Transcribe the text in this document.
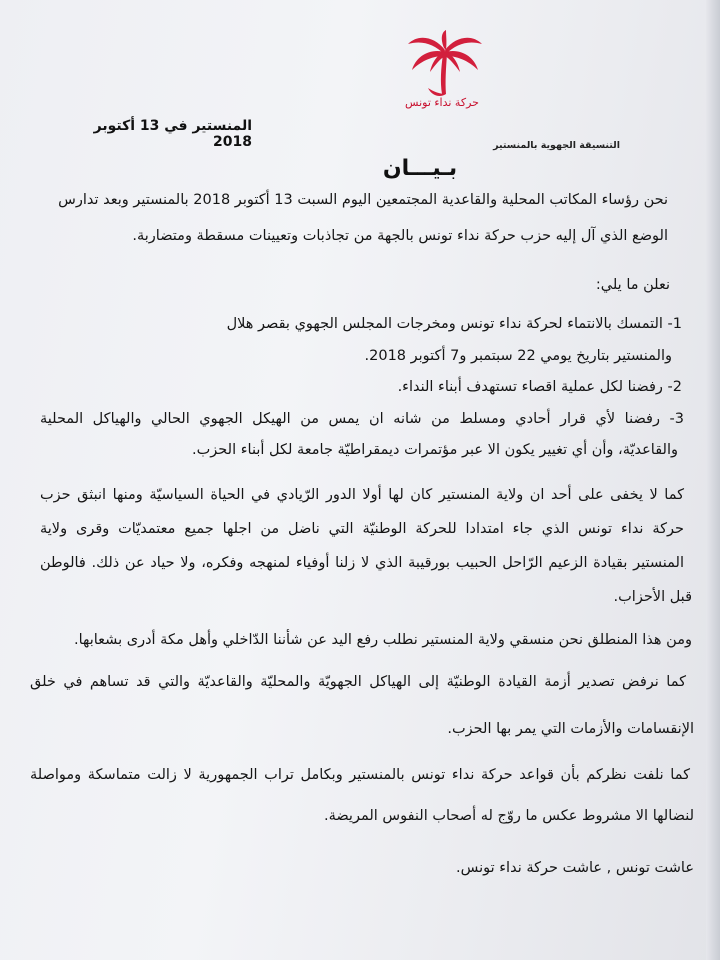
حركة نداء تونس
المنستير في 13 أكتوبر 2018	التنسيقة الجهوية بالمنستير
بـيـــان
نحن رؤساء المكاتب المحلية والقاعدية المجتمعين اليوم السبت 13 أكتوبر 2018 بالمنستير وبعد تدارس
الوضع الذي آل إليه حزب حركة نداء تونس بالجهة من تجاذبات وتعيينات مسقطة ومتضاربة.
نعلن ما يلي:
1- التمسك بالانتماء لحركة نداء تونس ومخرجات المجلس الجهوي بقصر هلال
والمنستير بتاريخ يومي 22 سبتمبر و7 أكتوبر 2018.
2- رفضنا لكل عملية اقصاء تستهدف أبناء النداء.
3- رفضنا لأي قرار أحادي ومسلط من شانه ان يمس من الهيكل الجهوي الحالي والهياكل المحلية
والقاعديّة، وأن أي تغيير يكون الا عبر مؤتمرات ديمقراطيّة جامعة لكل أبناء الحزب.
كما لا يخفى على أحد ان ولاية المنستير كان لها أولا الدور الرّيادي في الحياة السياسيّة ومنها انبثق حزب
حركة نداء تونس الذي جاء امتدادا للحركة الوطنيّة التي ناضل من اجلها جميع معتمديّات وقرى ولاية
المنستير بقيادة الزعيم الرّاحل الحبيب بورقيبة الذي لا زلنا أوفياء لمنهجه وفكره، ولا حياد عن ذلك. فالوطن
قبل الأحزاب.
ومن هذا المنطلق نحن منسقي ولاية المنستير نطلب رفع اليد عن شأننا الدّاخلي وأهل مكة أدرى بشعابها.
كما نرفض تصدير أزمة القيادة الوطنيّة إلى الهياكل الجهويّة والمحليّة والقاعديّة والتي قد تساهم في خلق
الإنقسامات والأزمات التي يمر بها الحزب.
كما نلفت نظركم بأن قواعد حركة نداء تونس بالمنستير وبكامل تراب الجمهورية لا زالت متماسكة ومواصلة
لنضالها الا مشروط عكس ما روّج له أصحاب النفوس المريضة.
عاشت تونس , عاشت حركة نداء تونس.
